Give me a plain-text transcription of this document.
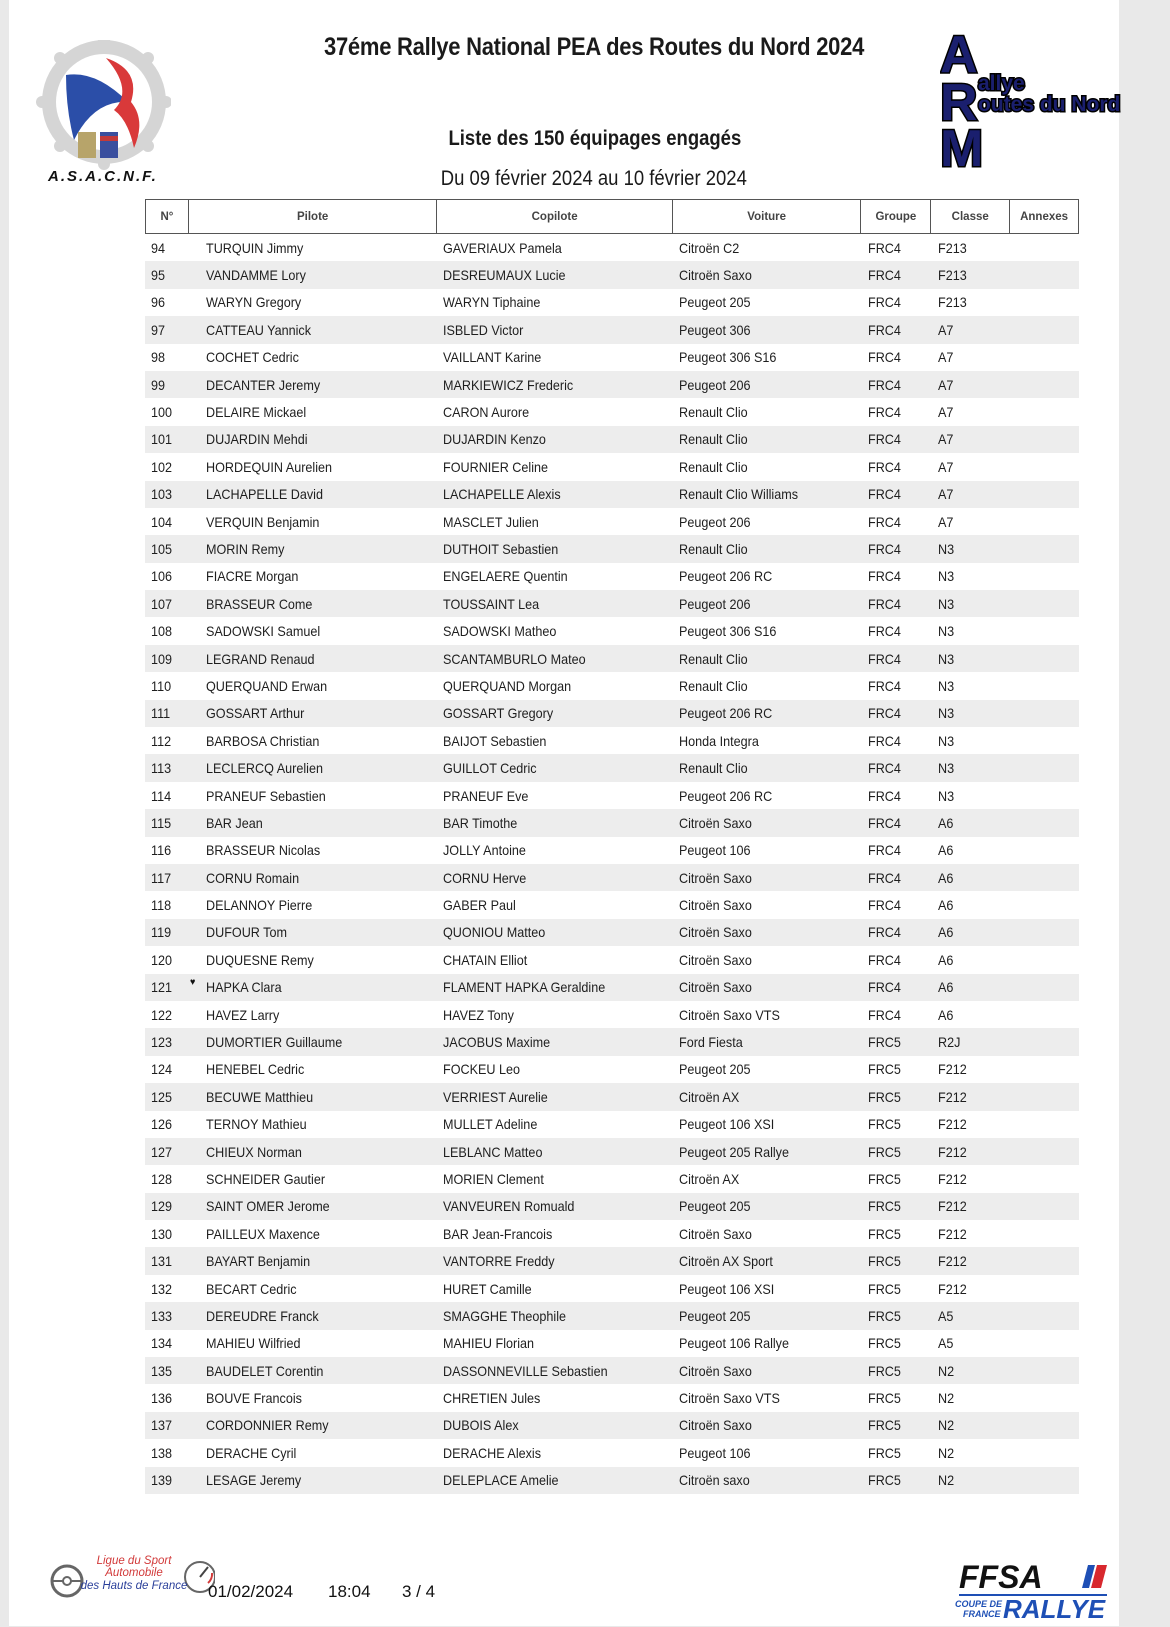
A.S.A.C.N.F.
37éme Rallye National PEA des Routes du Nord 2024
Liste des 150 équipages engagés
Du 09 février 2024 au 10 février 2024
A
R
M
allye
outes du Nord
N°	Pilote	Copilote	Voiture	Groupe	Classe	Annexes
94	TURQUIN Jimmy	GAVERIAUX Pamela	Citroën C2	FRC4	F213
95	VANDAMME Lory	DESREUMAUX Lucie	Citroën Saxo	FRC4	F213
96	WARYN Gregory	WARYN Tiphaine	Peugeot 205	FRC4	F213
97	CATTEAU Yannick	ISBLED Victor	Peugeot 306	FRC4	A7
98	COCHET Cedric	VAILLANT Karine	Peugeot 306 S16	FRC4	A7
99	DECANTER Jeremy	MARKIEWICZ Frederic	Peugeot 206	FRC4	A7
100	DELAIRE Mickael	CARON Aurore	Renault Clio	FRC4	A7
101	DUJARDIN Mehdi	DUJARDIN Kenzo	Renault Clio	FRC4	A7
102	HORDEQUIN Aurelien	FOURNIER Celine	Renault Clio	FRC4	A7
103	LACHAPELLE David	LACHAPELLE Alexis	Renault Clio Williams	FRC4	A7
104	VERQUIN Benjamin	MASCLET Julien	Peugeot 206	FRC4	A7
105	MORIN Remy	DUTHOIT Sebastien	Renault Clio	FRC4	N3
106	FIACRE Morgan	ENGELAERE Quentin	Peugeot 206 RC	FRC4	N3
107	BRASSEUR Come	TOUSSAINT Lea	Peugeot 206	FRC4	N3
108	SADOWSKI Samuel	SADOWSKI Matheo	Peugeot 306 S16	FRC4	N3
109	LEGRAND Renaud	SCANTAMBURLO Mateo	Renault Clio	FRC4	N3
110	QUERQUAND Erwan	QUERQUAND Morgan	Renault Clio	FRC4	N3
111	GOSSART Arthur	GOSSART Gregory	Peugeot 206 RC	FRC4	N3
112	BARBOSA Christian	BAIJOT Sebastien	Honda Integra	FRC4	N3
113	LECLERCQ Aurelien	GUILLOT Cedric	Renault Clio	FRC4	N3
114	PRANEUF Sebastien	PRANEUF Eve	Peugeot 206 RC	FRC4	N3
115	BAR Jean	BAR Timothe	Citroën Saxo	FRC4	A6
116	BRASSEUR Nicolas	JOLLY Antoine	Peugeot 106	FRC4	A6
117	CORNU Romain	CORNU Herve	Citroën Saxo	FRC4	A6
118	DELANNOY Pierre	GABER Paul	Citroën Saxo	FRC4	A6
119	DUFOUR Tom	QUONIOU Matteo	Citroën Saxo	FRC4	A6
120	DUQUESNE Remy	CHATAIN Elliot	Citroën Saxo	FRC4	A6
121	♥ HAPKA Clara	FLAMENT HAPKA Geraldine	Citroën Saxo	FRC4	A6
122	HAVEZ Larry	HAVEZ Tony	Citroën Saxo VTS	FRC4	A6
123	DUMORTIER Guillaume	JACOBUS Maxime	Ford Fiesta	FRC5	R2J
124	HENEBEL Cedric	FOCKEU Leo	Peugeot 205	FRC5	F212
125	BECUWE Matthieu	VERRIEST Aurelie	Citroën AX	FRC5	F212
126	TERNOY Mathieu	MULLET Adeline	Peugeot 106 XSI	FRC5	F212
127	CHIEUX Norman	LEBLANC Matteo	Peugeot 205 Rallye	FRC5	F212
128	SCHNEIDER Gautier	MORIEN Clement	Citroën AX	FRC5	F212
129	SAINT OMER Jerome	VANVEUREN Romuald	Peugeot 205	FRC5	F212
130	PAILLEUX Maxence	BAR Jean-Francois	Citroën Saxo	FRC5	F212
131	BAYART Benjamin	VANTORRE Freddy	Citroën AX Sport	FRC5	F212
132	BECART Cedric	HURET Camille	Peugeot 106 XSI	FRC5	F212
133	DEREUDRE Franck	SMAGGHE Theophile	Peugeot 205	FRC5	A5
134	MAHIEU Wilfried	MAHIEU Florian	Peugeot 106 Rallye	FRC5	A5
135	BAUDELET Corentin	DASSONNEVILLE Sebastien	Citroën Saxo	FRC5	N2
136	BOUVE Francois	CHRETIEN Jules	Citroën Saxo VTS	FRC5	N2
137	CORDONNIER Remy	DUBOIS Alex	Citroën Saxo	FRC5	N2
138	DERACHE Cyril	DERACHE Alexis	Peugeot 106	FRC5	N2
139	LESAGE Jeremy	DELEPLACE Amelie	Citroën saxo	FRC5	N2
Ligue du Sport
Automobile
des Hauts de France 01/02/2024 18:04 3 / 4	FFSA
COUPE DE
FRANCE RALLYE
